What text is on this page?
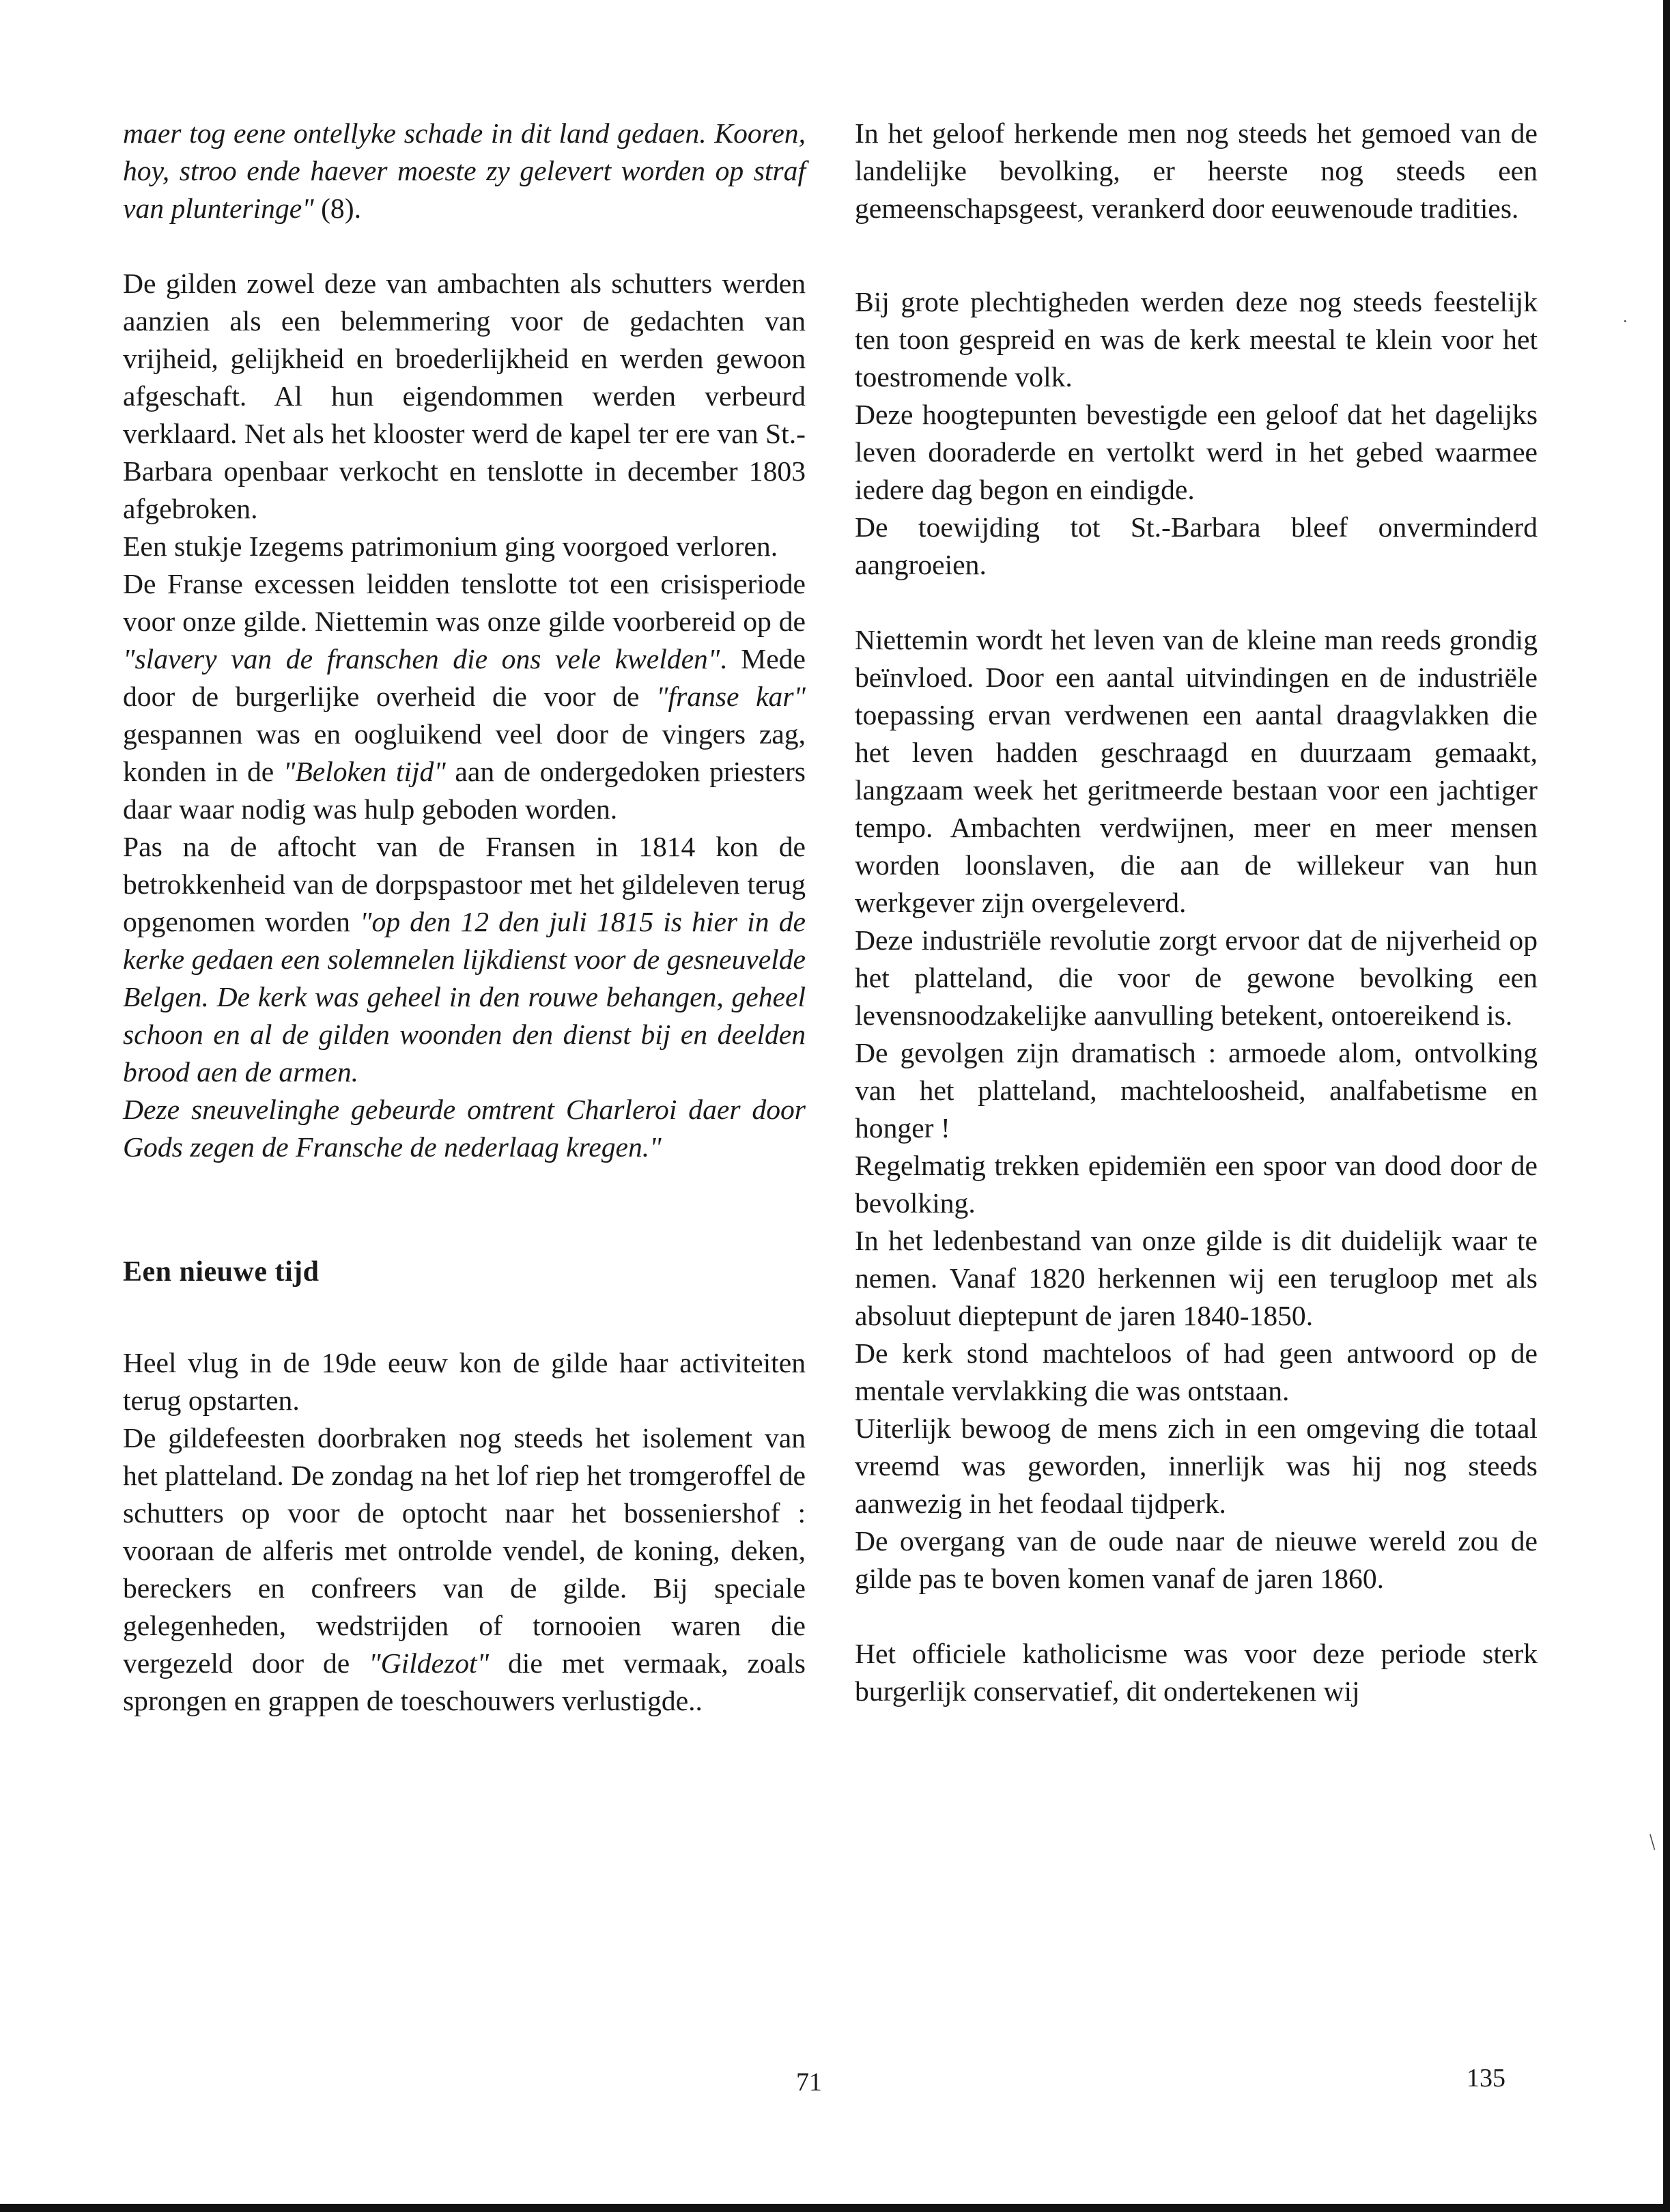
maer tog eene ontellyke schade in dit land gedaen. Kooren, hoy, stroo ende haever moeste zy gelevert worden op straf van plunteringe" (8).

De gilden zowel deze van ambachten als schutters werden aanzien als een belemmering voor de gedachten van vrijheid, gelijkheid en broederlijkheid en werden gewoon afgeschaft. Al hun eigendommen werden verbeurd verklaard. Net als het klooster werd de kapel ter ere van St.-Barbara openbaar verkocht en tenslotte in december 1803 afgebroken.

Een stukje Izegems patrimonium ging voorgoed verloren.

De Franse excessen leidden tenslotte tot een crisisperiode voor onze gilde. Niettemin was onze gilde voorbereid op de "slavery van de franschen die ons vele kwelden". Mede door de burgerlijke overheid die voor de "franse kar" gespannen was en oogluikend veel door de vingers zag, konden in de "Beloken tijd" aan de ondergedoken priesters daar waar nodig was hulp geboden worden.

Pas na de aftocht van de Fransen in 1814 kon de betrokkenheid van de dorpspastoor met het gildeleven terug opgenomen worden "op den 12 den juli 1815 is hier in de kerke gedaen een solemnelen lijkdienst voor de gesneuvelde Belgen. De kerk was geheel in den rouwe behangen, geheel schoon en al de gilden woonden den dienst bij en deelden brood aen de armen.

Deze sneuvelinghe gebeurde omtrent Charleroi daer door Gods zegen de Fransche de nederlaag kregen."

Een nieuwe tijd

Heel vlug in de 19de eeuw kon de gilde haar activiteiten terug opstarten.

De gildefeesten doorbraken nog steeds het isolement van het platteland. De zondag na het lof riep het tromgeroffel de schutters op voor de optocht naar het bosseniershof : vooraan de alferis met ontrolde vendel, de koning, deken, bereckers en confreers van de gilde. Bij speciale gelegenheden, wedstrijden of tornooien waren die vergezeld door de "Gildezot" die met vermaak, zoals sprongen en grappen de toeschouwers verlustigde..

In het geloof herkende men nog steeds het gemoed van de landelijke bevolking, er heerste nog steeds een gemeenschapsgeest, verankerd door eeuwenoude tradities.

Bij grote plechtigheden werden deze nog steeds feestelijk ten toon gespreid en was de kerk meestal te klein voor het toestromende volk.

Deze hoogtepunten bevestigde een geloof dat het dagelijks leven dooraderde en vertolkt werd in het gebed waarmee iedere dag begon en eindigde.

De toewijding tot St.-Barbara bleef onverminderd aangroeien.

Niettemin wordt het leven van de kleine man reeds grondig beïnvloed. Door een aantal uitvindingen en de industriële toepassing ervan verdwenen een aantal draagvlakken die het leven hadden geschraagd en duurzaam gemaakt, langzaam week het geritmeerde bestaan voor een jachtiger tempo. Ambachten verdwijnen, meer en meer mensen worden loonslaven, die aan de willekeur van hun werkgever zijn overgeleverd.

Deze industriële revolutie zorgt ervoor dat de nijverheid op het platteland, die voor de gewone bevolking een levensnoodzakelijke aanvulling betekent, ontoereikend is.

De gevolgen zijn dramatisch : armoede alom, ontvolking van het platteland, machteloosheid, analfabetisme en honger !

Regelmatig trekken epidemiën een spoor van dood door de bevolking.

In het ledenbestand van onze gilde is dit duidelijk waar te nemen. Vanaf 1820 herkennen wij een terugloop met als absoluut dieptepunt de jaren 1840-1850.

De kerk stond machteloos of had geen antwoord op de mentale vervlakking die was ontstaan.

Uiterlijk bewoog de mens zich in een omgeving die totaal vreemd was geworden, innerlijk was hij nog steeds aanwezig in het feodaal tijdperk.

De overgang van de oude naar de nieuwe wereld zou de gilde pas te boven komen vanaf de jaren 1860.

Het officiele katholicisme was voor deze periode sterk burgerlijk conservatief, dit ondertekenen wij

71	135
·
/
